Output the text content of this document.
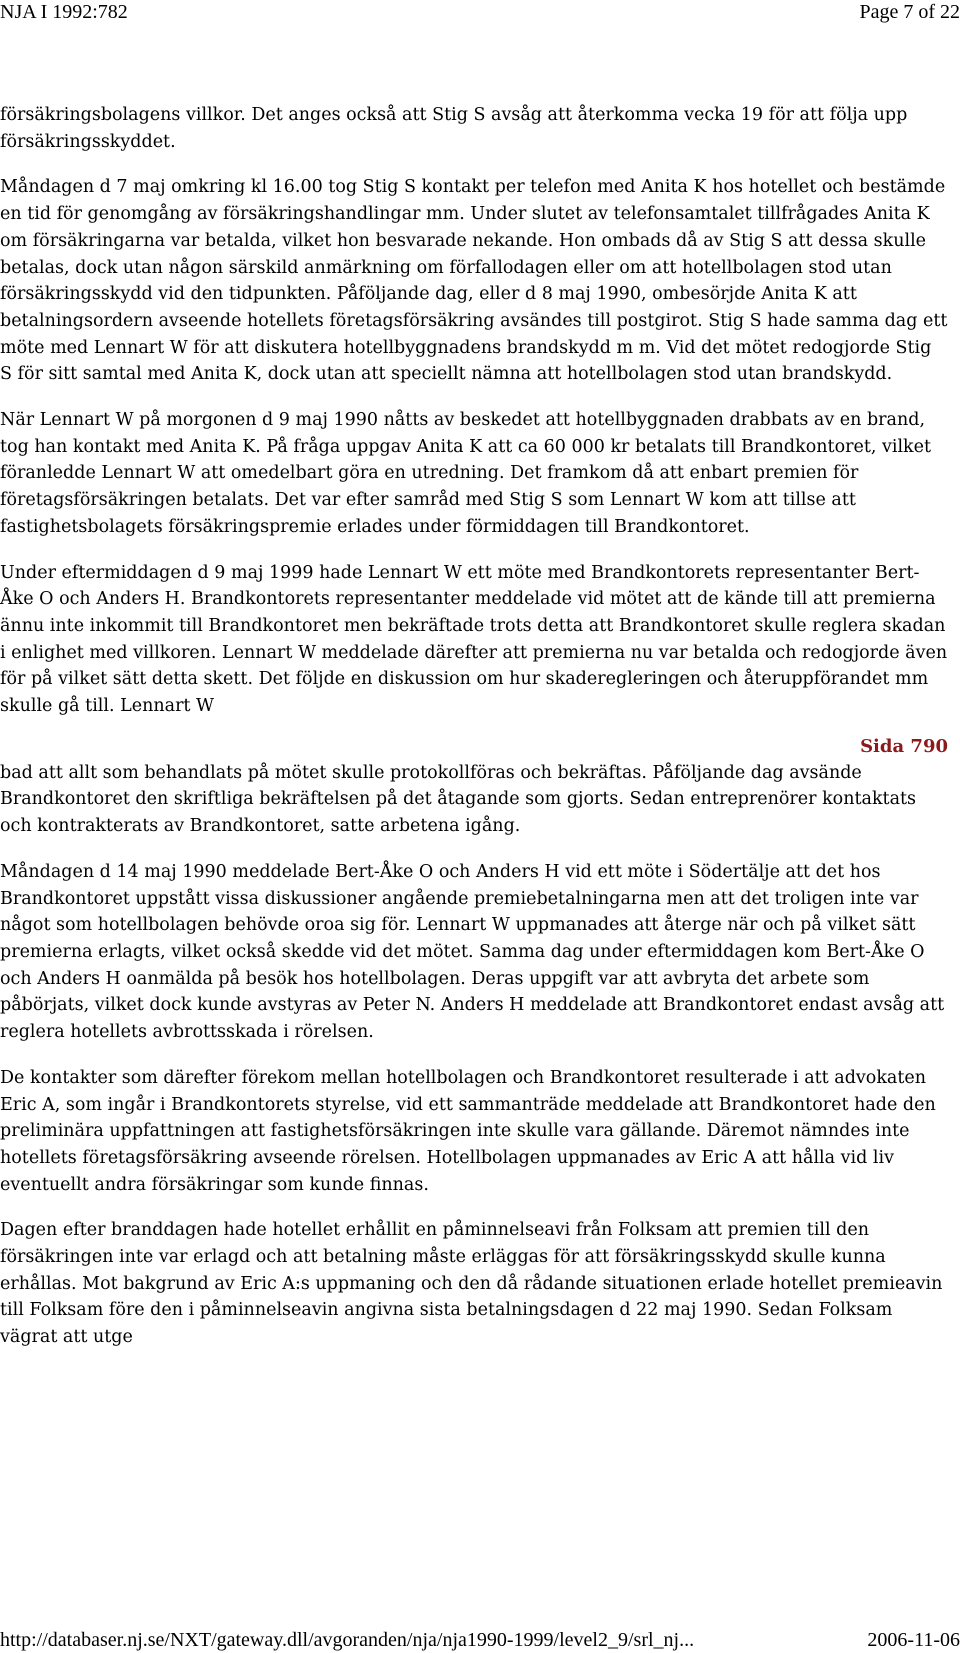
NJA I 1992:782	Page 7 of 22

försäkringsbolagens villkor. Det anges också att Stig S avsåg att återkomma vecka 19 för att följa upp försäkringsskyddet.

Måndagen d 7 maj omkring kl 16.00 tog Stig S kontakt per telefon med Anita K hos hotellet och bestämde en tid för genomgång av försäkringshandlingar mm. Under slutet av telefonsamtalet tillfrågades Anita K om försäkringarna var betalda, vilket hon besvarade nekande. Hon ombads då av Stig S att dessa skulle betalas, dock utan någon särskild anmärkning om förfallodagen eller om att hotellbolagen stod utan försäkringsskydd vid den tidpunkten. Påföljande dag, eller d 8 maj 1990, ombesörjde Anita K att betalningsordern avseende hotellets företagsförsäkring avsändes till postgirot. Stig S hade samma dag ett möte med Lennart W för att diskutera hotellbyggnadens brandskydd m m. Vid det mötet redogjorde Stig S för sitt samtal med Anita K, dock utan att speciellt nämna att hotellbolagen stod utan brandskydd.

När Lennart W på morgonen d 9 maj 1990 nåtts av beskedet att hotellbyggnaden drabbats av en brand, tog han kontakt med Anita K. På fråga uppgav Anita K att ca 60 000 kr betalats till Brandkontoret, vilket föranledde Lennart W att omedelbart göra en utredning. Det framkom då att enbart premien för företagsförsäkringen betalats. Det var efter samråd med Stig S som Lennart W kom att tillse att fastighetsbolagets försäkringspremie erlades under förmiddagen till Brandkontoret.

Under eftermiddagen d 9 maj 1999 hade Lennart W ett möte med Brandkontorets representanter Bert-Åke O och Anders H. Brandkontorets representanter meddelade vid mötet att de kände till att premierna ännu inte inkommit till Brandkontoret men bekräftade trots detta att Brandkontoret skulle reglera skadan i enlighet med villkoren. Lennart W meddelade därefter att premierna nu var betalda och redogjorde även för på vilket sätt detta skett. Det följde en diskussion om hur skaderegleringen och återuppförandet mm skulle gå till. Lennart W

Sida 790

bad att allt som behandlats på mötet skulle protokollföras och bekräftas. Påföljande dag avsände Brandkontoret den skriftliga bekräftelsen på det åtagande som gjorts. Sedan entreprenörer kontaktats och kontrakterats av Brandkontoret, satte arbetena igång.

Måndagen d 14 maj 1990 meddelade Bert-Åke O och Anders H vid ett möte i Södertälje att det hos Brandkontoret uppstått vissa diskussioner angående premiebetalningarna men att det troligen inte var något som hotellbolagen behövde oroa sig för. Lennart W uppmanades att återge när och på vilket sätt premierna erlagts, vilket också skedde vid det mötet. Samma dag under eftermiddagen kom Bert-Åke O och Anders H oanmälda på besök hos hotellbolagen. Deras uppgift var att avbryta det arbete som påbörjats, vilket dock kunde avstyras av Peter N. Anders H meddelade att Brandkontoret endast avsåg att reglera hotellets avbrottsskada i rörelsen.

De kontakter som därefter förekom mellan hotellbolagen och Brandkontoret resulterade i att advokaten Eric A, som ingår i Brandkontorets styrelse, vid ett sammanträde meddelade att Brandkontoret hade den preliminära uppfattningen att fastighetsförsäkringen inte skulle vara gällande. Däremot nämndes inte hotellets företagsförsäkring avseende rörelsen. Hotellbolagen uppmanades av Eric A att hålla vid liv eventuellt andra försäkringar som kunde finnas.

Dagen efter branddagen hade hotellet erhållit en påminnelseavi från Folksam att premien till den försäkringen inte var erlagd och att betalning måste erläggas för att försäkringsskydd skulle kunna erhållas. Mot bakgrund av Eric A:s uppmaning och den då rådande situationen erlade hotellet premieavin till Folksam före den i påminnelseavin angivna sista betalningsdagen d 22 maj 1990. Sedan Folksam vägrat att utge

http://databaser.nj.se/NXT/gateway.dll/avgoranden/nja/nja1990-1999/level2_9/srl_nj...	2006-11-06
